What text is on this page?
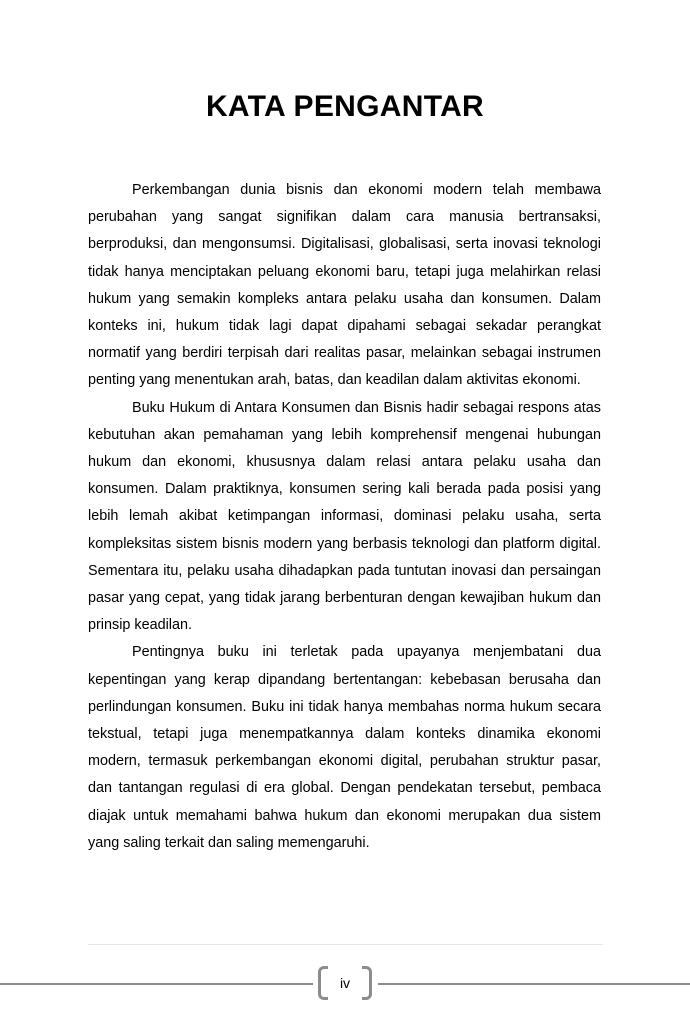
KATA PENGANTAR

Perkembangan dunia bisnis dan ekonomi modern telah membawa perubahan yang sangat signifikan dalam cara manusia bertransaksi, berproduksi, dan mengonsumsi. Digitalisasi, globalisasi, serta inovasi teknologi tidak hanya menciptakan peluang ekonomi baru, tetapi juga melahirkan relasi hukum yang semakin kompleks antara pelaku usaha dan konsumen. Dalam konteks ini, hukum tidak lagi dapat dipahami sebagai sekadar perangkat normatif yang berdiri terpisah dari realitas pasar, melainkan sebagai instrumen penting yang menentukan arah, batas, dan keadilan dalam aktivitas ekonomi.

Buku Hukum di Antara Konsumen dan Bisnis hadir sebagai respons atas kebutuhan akan pemahaman yang lebih komprehensif mengenai hubungan hukum dan ekonomi, khususnya dalam relasi antara pelaku usaha dan konsumen. Dalam praktiknya, konsumen sering kali berada pada posisi yang lebih lemah akibat ketimpangan informasi, dominasi pelaku usaha, serta kompleksitas sistem bisnis modern yang berbasis teknologi dan platform digital. Sementara itu, pelaku usaha dihadapkan pada tuntutan inovasi dan persaingan pasar yang cepat, yang tidak jarang berbenturan dengan kewajiban hukum dan prinsip keadilan.

Pentingnya buku ini terletak pada upayanya menjembatani dua kepentingan yang kerap dipandang bertentangan: kebebasan berusaha dan perlindungan konsumen. Buku ini tidak hanya membahas norma hukum secara tekstual, tetapi juga menempatkannya dalam konteks dinamika ekonomi modern, termasuk perkembangan ekonomi digital, perubahan struktur pasar, dan tantangan regulasi di era global. Dengan pendekatan tersebut, pembaca diajak untuk memahami bahwa hukum dan ekonomi merupakan dua sistem yang saling terkait dan saling memengaruhi.

iv
